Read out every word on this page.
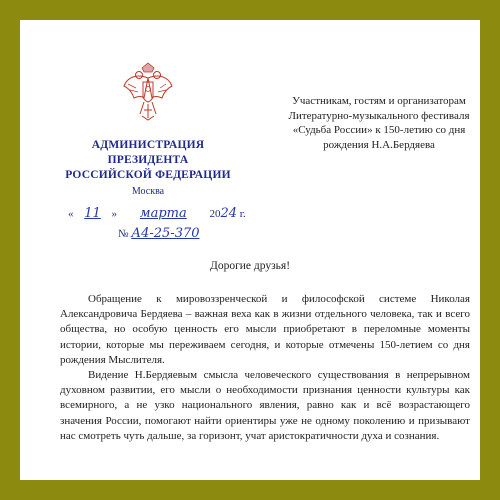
АДМИНИСТРАЦИЯ
ПРЕЗИДЕНТА
РОССИЙСКОЙ ФЕДЕРАЦИИ
Москва
« 11 » марта 2024 г.
№ А4-25-370
Участникам, гостям и организаторам
Литературно-музыкального фестиваля
«Судьба России» к 150-летию со дня
рождения Н.А.Бердяева
Дорогие друзья!

Обращение к мировоззренческой и философской системе Николая Александровича Бердяева – важная веха как в жизни отдельного человека, так и всего общества, но особую ценность его мысли приобретают в переломные моменты истории, которые мы переживаем сегодня, и которые отмечены 150-летием со дня рождения Мыслителя.

Видение Н.Бердяевым смысла человеческого существования в непрерывном духовном развитии, его мысли о необходимости признания ценности культуры как всемирного, а не узко национального явления, равно как и всё возрастающего значения России, помогают найти ориентиры уже не одному поколению и призывают нас смотреть чуть дальше, за горизонт, учат аристократичности духа и сознания.
